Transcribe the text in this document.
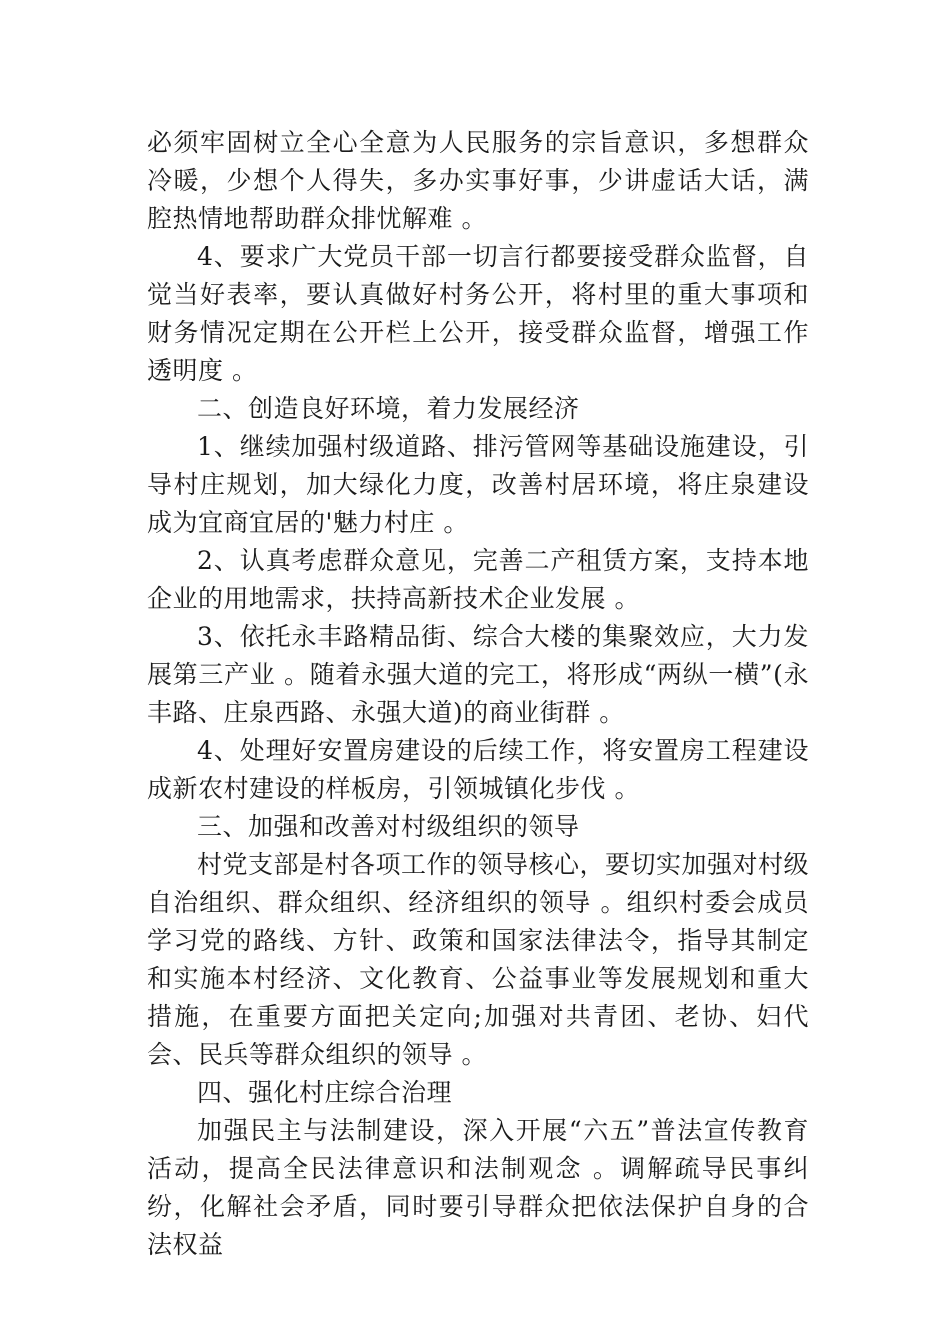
必须牢固树立全心全意为人民服务的宗旨意识，多想群众冷暖，少想个人得失，多办实事好事，少讲虚话大话，满腔热情地帮助群众排忧解难 。

4、要求广大党员干部一切言行都要接受群众监督，自觉当好表率，要认真做好村务公开，将村里的重大事项和财务情况定期在公开栏上公开，接受群众监督，增强工作透明度 。

二、创造良好环境，着力发展经济

1、继续加强村级道路、排污管网等基础设施建设，引导村庄规划，加大绿化力度，改善村居环境，将庄泉建设成为宜商宜居的'魅力村庄 。

2、认真考虑群众意见，完善二产租赁方案，支持本地企业的用地需求，扶持高新技术企业发展 。

3、依托永丰路精品街、综合大楼的集聚效应，大力发展第三产业 。随着永强大道的完工，将形成“两纵一横”(永丰路、庄泉西路、永强大道)的商业街群 。

4、处理好安置房建设的后续工作，将安置房工程建设成新农村建设的样板房，引领城镇化步伐 。

三、加强和改善对村级组织的领导

村党支部是村各项工作的领导核心，要切实加强对村级自治组织、群众组织、经济组织的领导 。组织村委会成员学习党的路线、方针、政策和国家法律法令，指导其制定和实施本村经济、文化教育、公益事业等发展规划和重大措施，在重要方面把关定向;加强对共青团、老协、妇代会、民兵等群众组织的领导 。

四、强化村庄综合治理

加强民主与法制建设，深入开展“六五”普法宣传教育活动，提高全民法律意识和法制观念 。调解疏导民事纠纷，化解社会矛盾，同时要引导群众把依法保护自身的合法权益
